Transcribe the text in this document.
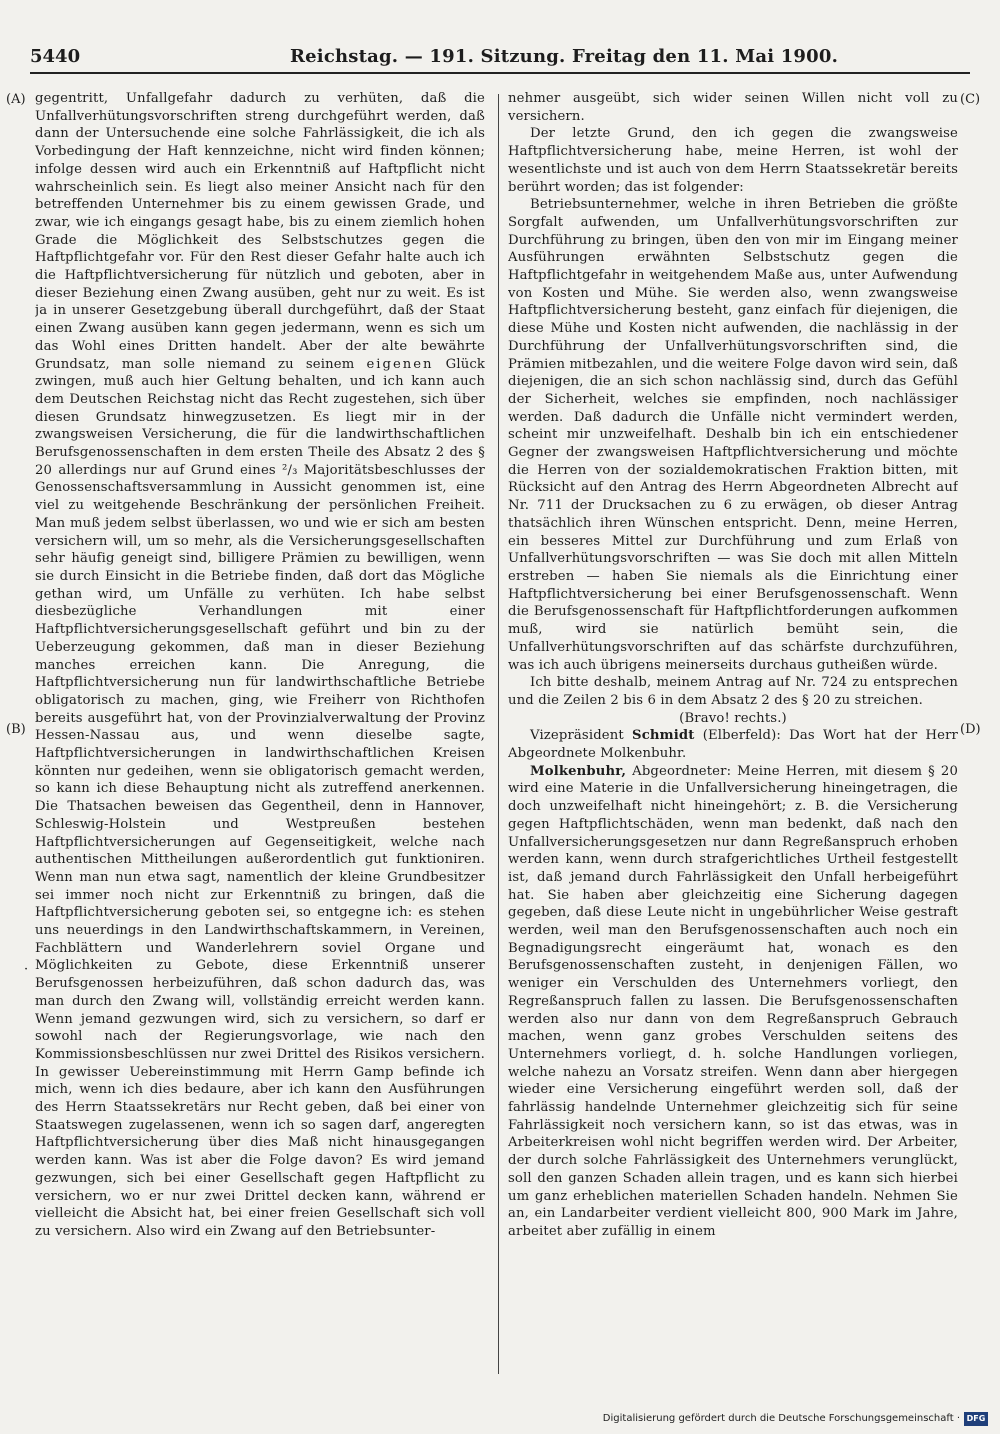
5440	Reichstag. — 191. Sitzung. Freitag den 11. Mai 1900.
(A)
(B)
·
(C)
(D)

gegentritt, Unfallgefahr dadurch zu verhüten, daß die Unfallverhütungsvorschriften streng durchgeführt werden, daß dann der Untersuchende eine solche Fahrlässigkeit, die ich als Vorbedingung der Haft kennzeichne, nicht wird finden können; infolge dessen wird auch ein Erkenntniß auf Haftpflicht nicht wahrscheinlich sein. Es liegt also meiner Ansicht nach für den betreffenden Unternehmer bis zu einem gewissen Grade, und zwar, wie ich eingangs gesagt habe, bis zu einem ziemlich hohen Grade die Möglichkeit des Selbstschutzes gegen die Haftpflichtgefahr vor. Für den Rest dieser Gefahr halte auch ich die Haftpflichtversicherung für nützlich und geboten, aber in dieser Beziehung einen Zwang ausüben, geht nur zu weit. Es ist ja in unserer Gesetzgebung überall durchgeführt, daß der Staat einen Zwang ausüben kann gegen jedermann, wenn es sich um das Wohl eines Dritten handelt. Aber der alte bewährte Grundsatz, man solle niemand zu seinem eigenen Glück zwingen, muß auch hier Geltung behalten, und ich kann auch dem Deutschen Reichstag nicht das Recht zugestehen, sich über diesen Grundsatz hinwegzusetzen. Es liegt mir in der zwangsweisen Versicherung, die für die landwirthschaftlichen Berufsgenossenschaften in dem ersten Theile des Absatz 2 des § 20 allerdings nur auf Grund eines ²/₃ Majoritätsbeschlusses der Genossenschaftsversammlung in Aussicht genommen ist, eine viel zu weitgehende Beschränkung der persönlichen Freiheit. Man muß jedem selbst überlassen, wo und wie er sich am besten versichern will, um so mehr, als die Versicherungsgesellschaften sehr häufig geneigt sind, billigere Prämien zu bewilligen, wenn sie durch Einsicht in die Betriebe finden, daß dort das Mögliche gethan wird, um Unfälle zu verhüten. Ich habe selbst diesbezügliche Verhandlungen mit einer Haftpflichtversicherungsgesellschaft geführt und bin zu der Ueberzeugung gekommen, daß man in dieser Beziehung manches erreichen kann. Die Anregung, die Haftpflichtversicherung nun für landwirthschaftliche Betriebe obligatorisch zu machen, ging, wie Freiherr von Richthofen bereits ausgeführt hat, von der Provinzialverwaltung der Provinz Hessen-Nassau aus, und wenn dieselbe sagte, Haftpflichtversicherungen in landwirthschaftlichen Kreisen könnten nur gedeihen, wenn sie obligatorisch gemacht werden, so kann ich diese Behauptung nicht als zutreffend anerkennen. Die Thatsachen beweisen das Gegentheil, denn in Hannover, Schleswig-Holstein und Westpreußen bestehen Haftpflichtversicherungen auf Gegenseitigkeit, welche nach authentischen Mittheilungen außerordentlich gut funktioniren. Wenn man nun etwa sagt, namentlich der kleine Grundbesitzer sei immer noch nicht zur Erkenntniß zu bringen, daß die Haftpflichtversicherung geboten sei, so entgegne ich: es stehen uns neuerdings in den Landwirthschaftskammern, in Vereinen, Fachblättern und Wanderlehrern soviel Organe und Möglichkeiten zu Gebote, diese Erkenntniß unserer Berufsgenossen herbeizuführen, daß schon dadurch das, was man durch den Zwang will, vollständig erreicht werden kann. Wenn jemand gezwungen wird, sich zu versichern, so darf er sowohl nach der Regierungsvorlage, wie nach den Kommissionsbeschlüssen nur zwei Drittel des Risikos versichern. In gewisser Uebereinstimmung mit Herrn Gamp befinde ich mich, wenn ich dies bedaure, aber ich kann den Ausführungen des Herrn Staatssekretärs nur Recht geben, daß bei einer von Staatswegen zugelassenen, wenn ich so sagen darf, angeregten Haftpflichtversicherung über dies Maß nicht hinausgegangen werden kann. Was ist aber die Folge davon? Es wird jemand gezwungen, sich bei einer Gesellschaft gegen Haftpflicht zu versichern, wo er nur zwei Drittel decken kann, während er vielleicht die Absicht hat, bei einer freien Gesellschaft sich voll zu versichern. Also wird ein Zwang auf den Betriebsunter-

nehmer ausgeübt, sich wider seinen Willen nicht voll zu versichern.

Der letzte Grund, den ich gegen die zwangsweise Haftpflichtversicherung habe, meine Herren, ist wohl der wesentlichste und ist auch von dem Herrn Staatssekretär bereits berührt worden; das ist folgender:

Betriebsunternehmer, welche in ihren Betrieben die größte Sorgfalt aufwenden, um Unfallverhütungsvorschriften zur Durchführung zu bringen, üben den von mir im Eingang meiner Ausführungen erwähnten Selbstschutz gegen die Haftpflichtgefahr in weitgehendem Maße aus, unter Aufwendung von Kosten und Mühe. Sie werden also, wenn zwangsweise Haftpflichtversicherung besteht, ganz einfach für diejenigen, die diese Mühe und Kosten nicht aufwenden, die nachlässig in der Durchführung der Unfallverhütungsvorschriften sind, die Prämien mitbezahlen, und die weitere Folge davon wird sein, daß diejenigen, die an sich schon nachlässig sind, durch das Gefühl der Sicherheit, welches sie empfinden, noch nachlässiger werden. Daß dadurch die Unfälle nicht vermindert werden, scheint mir unzweifelhaft. Deshalb bin ich ein entschiedener Gegner der zwangsweisen Haftpflichtversicherung und möchte die Herren von der sozialdemokratischen Fraktion bitten, mit Rücksicht auf den Antrag des Herrn Abgeordneten Albrecht auf Nr. 711 der Drucksachen zu 6 zu erwägen, ob dieser Antrag thatsächlich ihren Wünschen entspricht. Denn, meine Herren, ein besseres Mittel zur Durchführung und zum Erlaß von Unfallverhütungsvorschriften — was Sie doch mit allen Mitteln erstreben — haben Sie niemals als die Einrichtung einer Haftpflichtversicherung bei einer Berufsgenossenschaft. Wenn die Berufsgenossenschaft für Haftpflichtforderungen aufkommen muß, wird sie natürlich bemüht sein, die Unfallverhütungsvorschriften auf das schärfste durchzuführen, was ich auch übrigens meinerseits durchaus gutheißen würde.

Ich bitte deshalb, meinem Antrag auf Nr. 724 zu entsprechen und die Zeilen 2 bis 6 in dem Absatz 2 des § 20 zu streichen.

(Bravo! rechts.)

Vizepräsident Schmidt (Elberfeld): Das Wort hat der Herr Abgeordnete Molkenbuhr.

Molkenbuhr, Abgeordneter: Meine Herren, mit diesem § 20 wird eine Materie in die Unfallversicherung hineingetragen, die doch unzweifelhaft nicht hineingehört; z. B. die Versicherung gegen Haftpflichtschäden, wenn man bedenkt, daß nach den Unfallversicherungsgesetzen nur dann Regreßanspruch erhoben werden kann, wenn durch strafgerichtliches Urtheil festgestellt ist, daß jemand durch Fahrlässigkeit den Unfall herbeigeführt hat. Sie haben aber gleichzeitig eine Sicherung dagegen gegeben, daß diese Leute nicht in ungebührlicher Weise gestraft werden, weil man den Berufsgenossenschaften auch noch ein Begnadigungsrecht eingeräumt hat, wonach es den Berufsgenossenschaften zusteht, in denjenigen Fällen, wo weniger ein Verschulden des Unternehmers vorliegt, den Regreßanspruch fallen zu lassen. Die Berufsgenossenschaften werden also nur dann von dem Regreßanspruch Gebrauch machen, wenn ganz grobes Verschulden seitens des Unternehmers vorliegt, d. h. solche Handlungen vorliegen, welche nahezu an Vorsatz streifen. Wenn dann aber hiergegen wieder eine Versicherung eingeführt werden soll, daß der fahrlässig handelnde Unternehmer gleichzeitig sich für seine Fahrlässigkeit noch versichern kann, so ist das etwas, was in Arbeiterkreisen wohl nicht begriffen werden wird. Der Arbeiter, der durch solche Fahrlässigkeit des Unternehmers verunglückt, soll den ganzen Schaden allein tragen, und es kann sich hierbei um ganz erheblichen materiellen Schaden handeln. Nehmen Sie an, ein Landarbeiter verdient vielleicht 800, 900 Mark im Jahre, arbeitet aber zufällig in einem

Digitalisierung gefördert durch die Deutsche Forschungsgemeinschaft · DFG
